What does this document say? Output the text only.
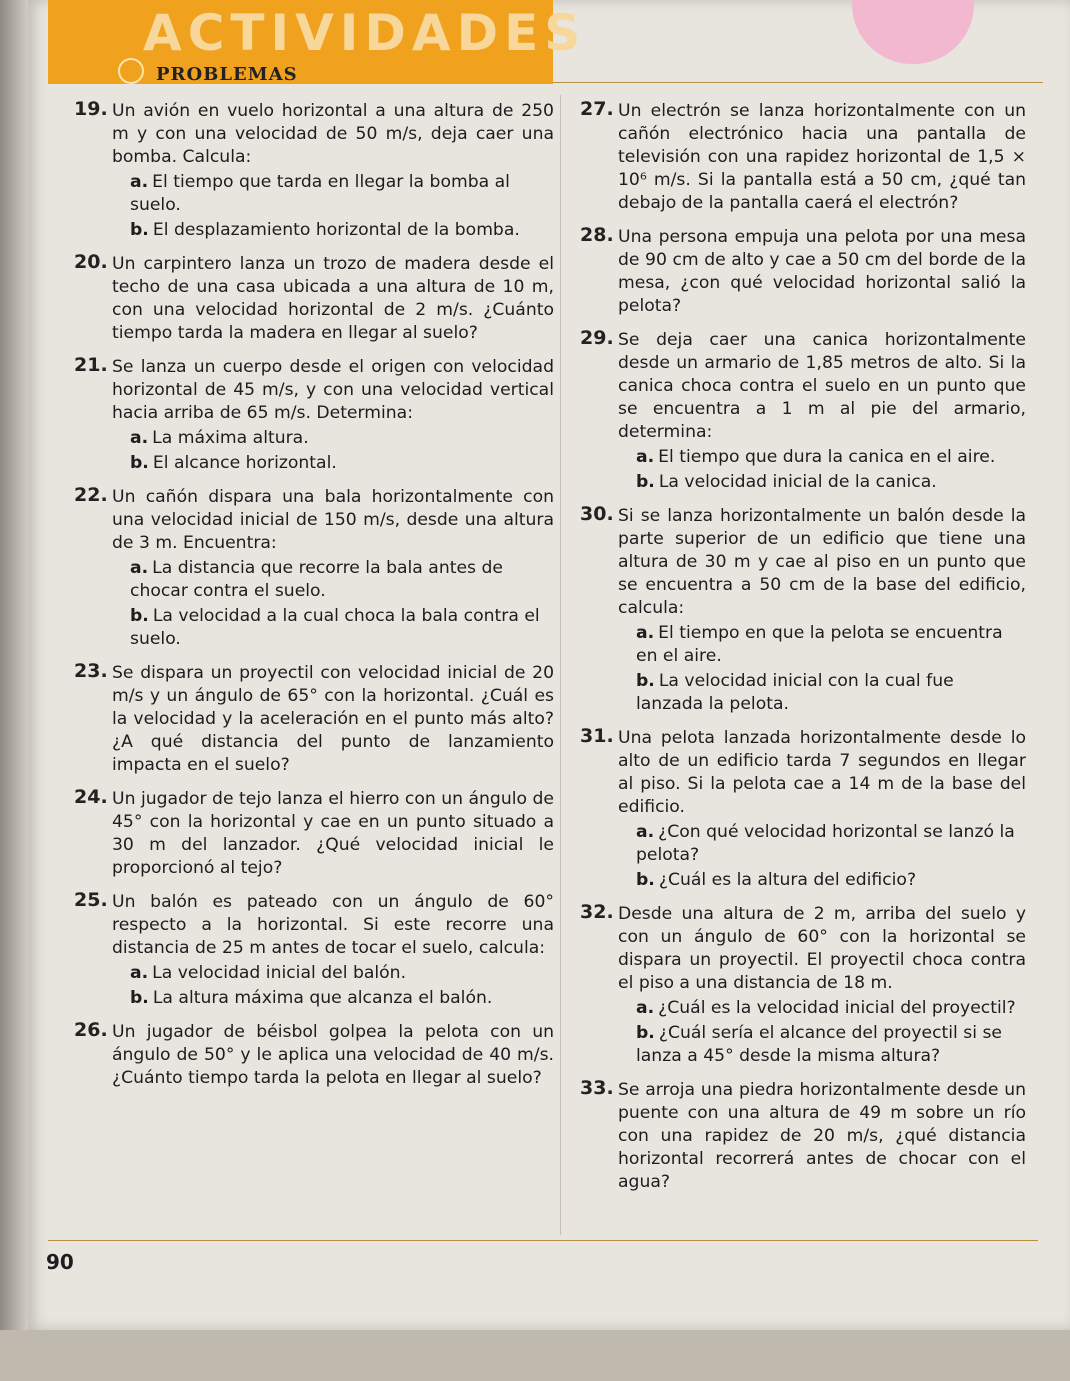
ACTIVIDADES
PROBLEMAS
19. Un avión en vuelo horizontal a una altura de 250 m y con una velocidad de 50 m/s, deja caer una bomba. Calcula:

a. El tiempo que tarda en llegar la bomba al suelo.
b. El desplazamiento horizontal de la bomba.
20. Un carpintero lanza un trozo de madera desde el techo de una casa ubicada a una altura de 10 m, con una velocidad horizontal de 2 m/s. ¿Cuánto tiempo tarda la madera en llegar al suelo?

21. Se lanza un cuerpo desde el origen con velocidad horizontal de 45 m/s, y con una velocidad vertical hacia arriba de 65 m/s. Determina:

a. La máxima altura.
b. El alcance horizontal.
22. Un cañón dispara una bala horizontalmente con una velocidad inicial de 150 m/s, desde una altura de 3 m. Encuentra:

a. La distancia que recorre la bala antes de chocar contra el suelo.
b. La velocidad a la cual choca la bala contra el suelo.
23. Se dispara un proyectil con velocidad inicial de 20 m/s y un ángulo de 65° con la horizontal. ¿Cuál es la velocidad y la aceleración en el punto más alto? ¿A qué distancia del punto de lanzamiento impacta en el suelo?

24. Un jugador de tejo lanza el hierro con un ángulo de 45° con la horizontal y cae en un punto situado a 30 m del lanzador. ¿Qué velocidad inicial le proporcionó al tejo?

25. Un balón es pateado con un ángulo de 60° respecto a la horizontal. Si este recorre una distancia de 25 m antes de tocar el suelo, calcula:

a. La velocidad inicial del balón.
b. La altura máxima que alcanza el balón.
26. Un jugador de béisbol golpea la pelota con un ángulo de 50° y le aplica una velocidad de 40 m/s. ¿Cuánto tiempo tarda la pelota en llegar al suelo?

27. Un electrón se lanza horizontalmente con un cañón electrónico hacia una pantalla de televisión con una rapidez horizontal de 1,5 × 10⁶ m/s. Si la pantalla está a 50 cm, ¿qué tan debajo de la pantalla caerá el electrón?

28. Una persona empuja una pelota por una mesa de 90 cm de alto y cae a 50 cm del borde de la mesa, ¿con qué velocidad horizontal salió la pelota?

29. Se deja caer una canica horizontalmente desde un armario de 1,85 metros de alto. Si la canica choca contra el suelo en un punto que se encuentra a 1 m al pie del armario, determina:

a. El tiempo que dura la canica en el aire.
b. La velocidad inicial de la canica.
30. Si se lanza horizontalmente un balón desde la parte superior de un edificio que tiene una altura de 30 m y cae al piso en un punto que se encuentra a 50 cm de la base del edificio, calcula:

a. El tiempo en que la pelota se encuentra en el aire.
b. La velocidad inicial con la cual fue lanzada la pelota.
31. Una pelota lanzada horizontalmente desde lo alto de un edificio tarda 7 segundos en llegar al piso. Si la pelota cae a 14 m de la base del edificio.

a. ¿Con qué velocidad horizontal se lanzó la pelota?
b. ¿Cuál es la altura del edificio?
32. Desde una altura de 2 m, arriba del suelo y con un ángulo de 60° con la horizontal se dispara un proyectil. El proyectil choca contra el piso a una distancia de 18 m.

a. ¿Cuál es la velocidad inicial del proyectil?
b. ¿Cuál sería el alcance del proyectil si se lanza a 45° desde la misma altura?
33. Se arroja una piedra horizontalmente desde un puente con una altura de 49 m sobre un río con una rapidez de 20 m/s, ¿qué distancia horizontal recorrerá antes de chocar con el agua?

90
